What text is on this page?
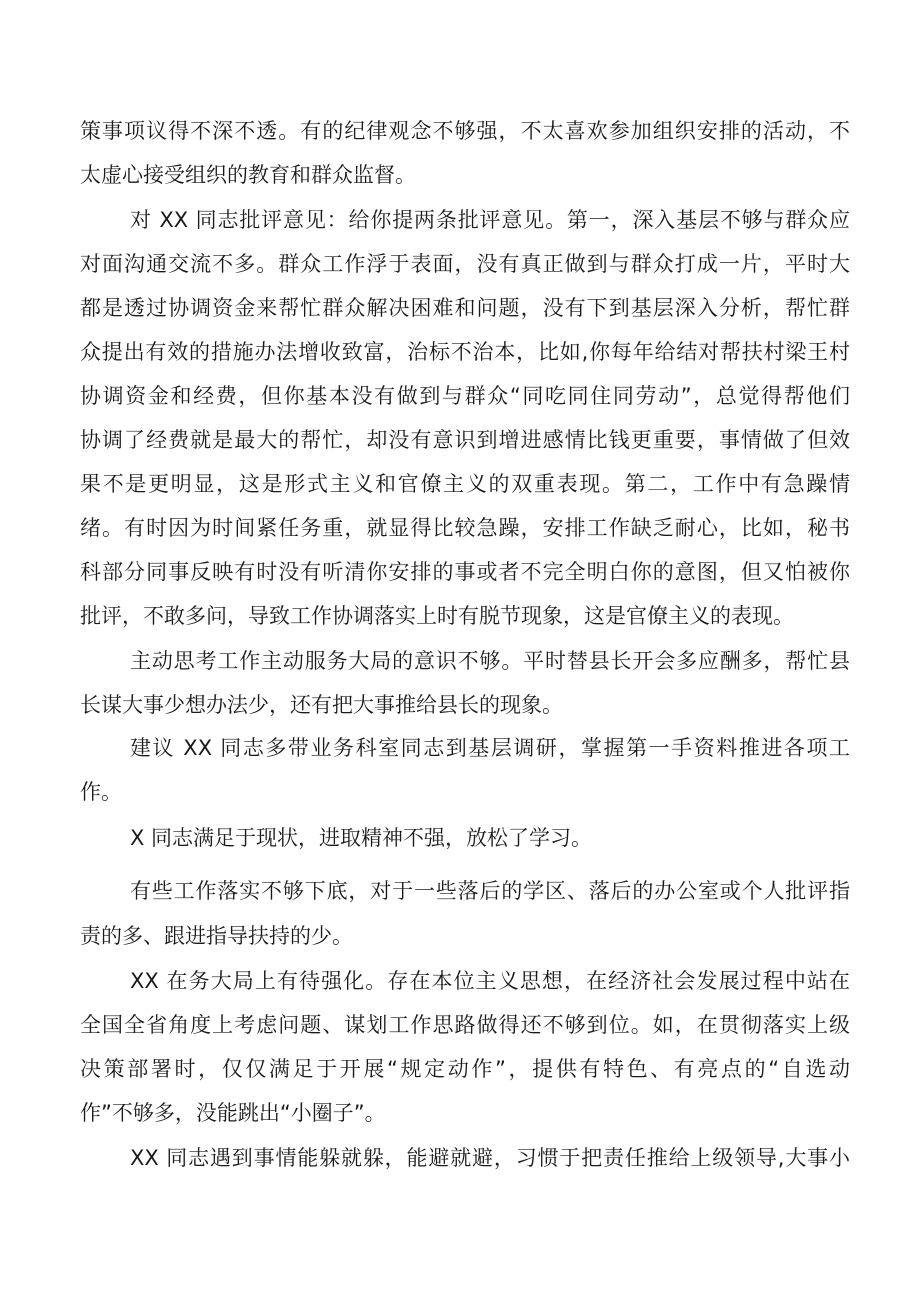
策事项议得不深不透。有的纪律观念不够强，不太喜欢参加组织安排的活动，不
太虚心接受组织的教育和群众监督。
对 XX 同志批评意见：给你提两条批评意见。第一，深入基层不够与群众应
对面沟通交流不多。群众工作浮于表面，没有真正做到与群众打成一片，平时大
都是透过协调资金来帮忙群众解决困难和问题，没有下到基层深入分析，帮忙群
众提出有效的措施办法增收致富，治标不治本，比如,你每年给结对帮扶村梁王村
协调资金和经费，但你基本没有做到与群众“同吃同住同劳动”，总觉得帮他们
协调了经费就是最大的帮忙，却没有意识到增进感情比钱更重要，事情做了但效
果不是更明显，这是形式主义和官僚主义的双重表现。第二，工作中有急躁情
绪。有时因为时间紧任务重，就显得比较急躁，安排工作缺乏耐心，比如，秘书
科部分同事反映有时没有听清你安排的事或者不完全明白你的意图，但又怕被你
批评，不敢多问，导致工作协调落实上时有脱节现象，这是官僚主义的表现。
主动思考工作主动服务大局的意识不够。平时替县长开会多应酬多，帮忙县
长谋大事少想办法少，还有把大事推给县长的现象。
建议 XX 同志多带业务科室同志到基层调研，掌握第一手资料推进各项工
作。
X 同志满足于现状，进取精神不强，放松了学习。
有些工作落实不够下底，对于一些落后的学区、落后的办公室或个人批评指
责的多、跟进指导扶持的少。
XX 在务大局上有待强化。存在本位主义思想，在经济社会发展过程中站在
全国全省角度上考虑问题、谋划工作思路做得还不够到位。如，在贯彻落实上级
决策部署时，仅仅满足于开展“规定动作”，提供有特色、有亮点的“自选动
作”不够多，没能跳出“小圈子”。
XX 同志遇到事情能躲就躲，能避就避，习惯于把责任推给上级领导,大事小
